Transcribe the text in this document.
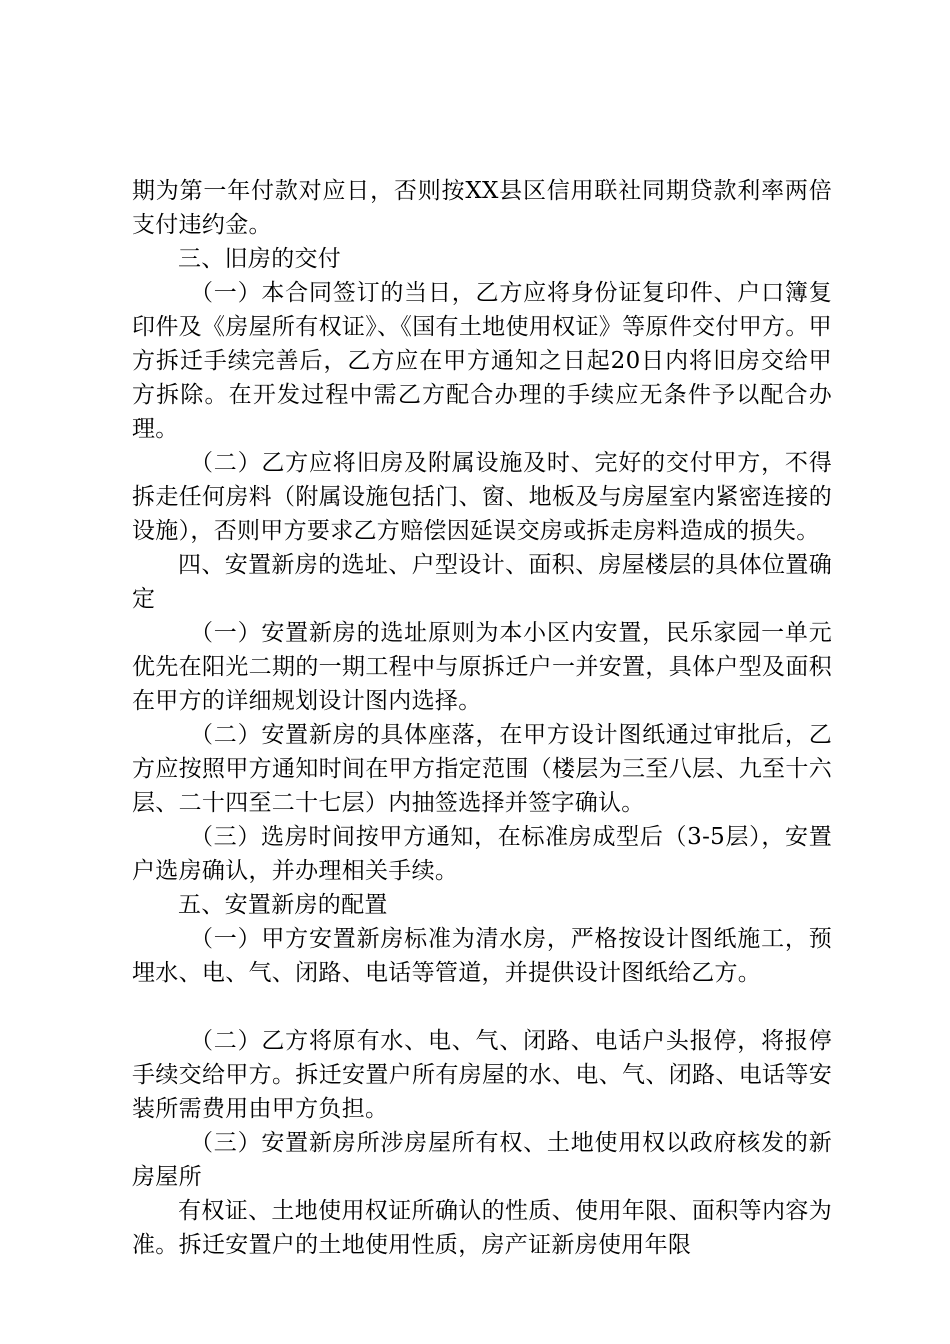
期为第一年付款对应日，否则按XX县区信用联社同期贷款利率两倍支付违约金。

三、旧房的交付

（一）本合同签订的当日，乙方应将身份证复印件、户口簿复印件及《房屋所有权证》、《国有土地使用权证》等原件交付甲方。甲方拆迁手续完善后，乙方应在甲方通知之日起20日内将旧房交给甲方拆除。在开发过程中需乙方配合办理的手续应无条件予以配合办理。

（二）乙方应将旧房及附属设施及时、完好的交付甲方，不得拆走任何房料（附属设施包括门、窗、地板及与房屋室内紧密连接的设施），否则甲方要求乙方赔偿因延误交房或拆走房料造成的损失。

四、安置新房的选址、户型设计、面积、房屋楼层的具体位置确定

（一）安置新房的选址原则为本小区内安置，民乐家园一单元优先在阳光二期的一期工程中与原拆迁户一并安置，具体户型及面积在甲方的详细规划设计图内选择。

（二）安置新房的具体座落，在甲方设计图纸通过审批后，乙方应按照甲方通知时间在甲方指定范围（楼层为三至八层、九至十六层、二十四至二十七层）内抽签选择并签字确认。

（三）选房时间按甲方通知，在标准房成型后（3-5层），安置户选房确认，并办理相关手续。

五、安置新房的配置

（一）甲方安置新房标准为清水房，严格按设计图纸施工，预埋水、电、气、闭路、电话等管道，并提供设计图纸给乙方。

（二）乙方将原有水、电、气、闭路、电话户头报停，将报停手续交给甲方。拆迁安置户所有房屋的水、电、气、闭路、电话等安装所需费用由甲方负担。

（三）安置新房所涉房屋所有权、土地使用权以政府核发的新房屋所

有权证、土地使用权证所确认的性质、使用年限、面积等内容为准。拆迁安置户的土地使用性质，房产证新房使用年限
